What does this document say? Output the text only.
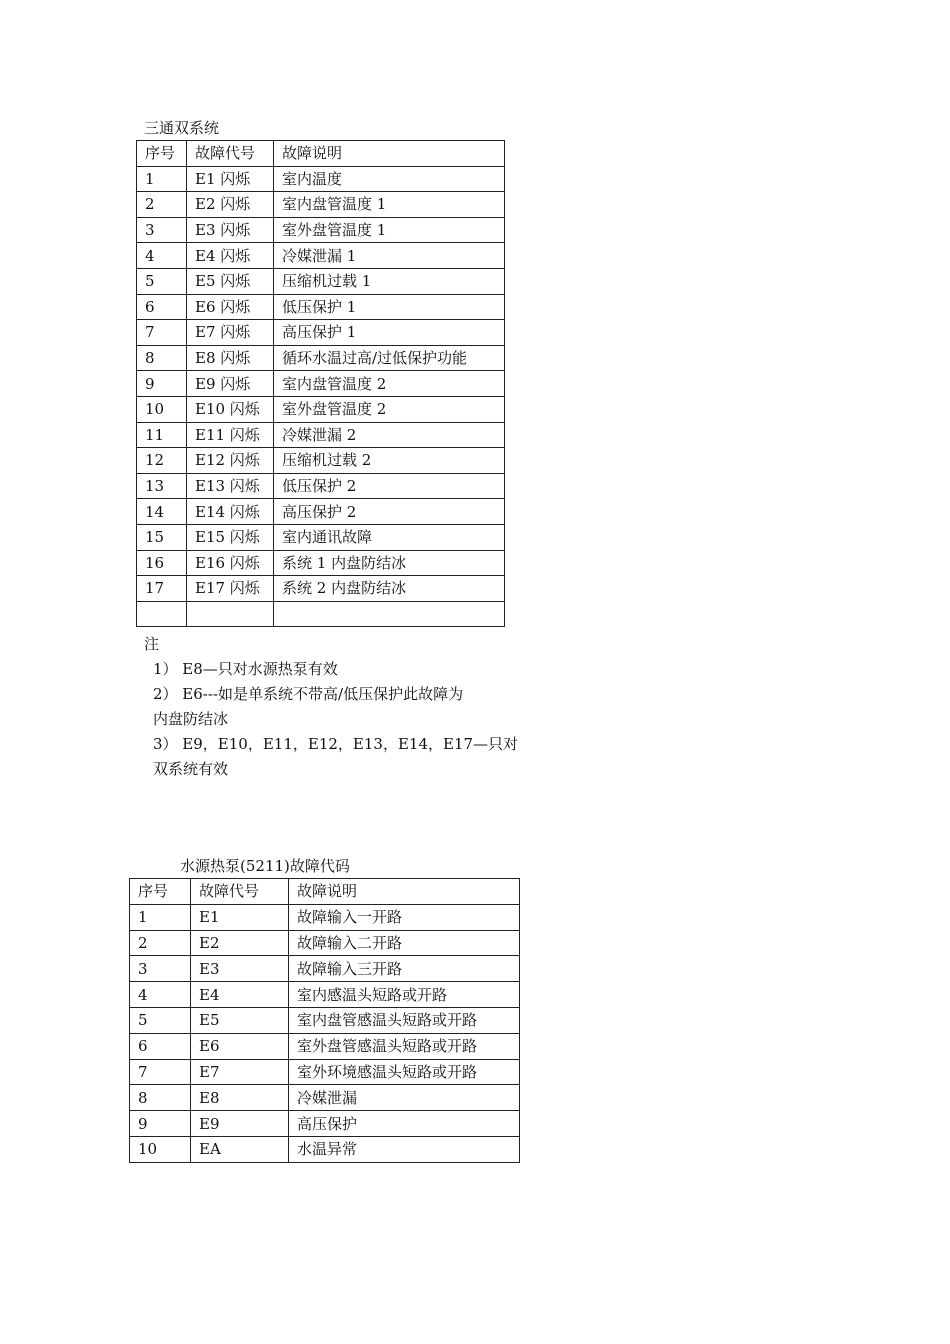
三通双系统
序号	故障代号	故障说明
1	E1 闪烁	室内温度
2	E2 闪烁	室内盘管温度 1
3	E3 闪烁	室外盘管温度 1
4	E4 闪烁	冷媒泄漏 1
5	E5 闪烁	压缩机过载 1
6	E6 闪烁	低压保护 1
7	E7 闪烁	高压保护 1
8	E8 闪烁	循环水温过高/过低保护功能
9	E9 闪烁	室内盘管温度 2
10	E10 闪烁	室外盘管温度 2
11	E11 闪烁	冷媒泄漏 2
12	E12 闪烁	压缩机过载 2
13	E13 闪烁	低压保护 2
14	E14 闪烁	高压保护 2
15	E15 闪烁	室内通讯故障
16	E16 闪烁	系统 1 内盘防结冰
17	E17 闪烁	系统 2 内盘防结冰

注
1） E8—只对水源热泵有效
2） E6---如是单系统不带高/低压保护此故障为
内盘防结冰
3） E9，E10，E11，E12，E13，E14，E17—只对
双系统有效
水源热泵(5211)故障代码
序号	故障代号	故障说明
1	E1	故障输入一开路
2	E2	故障输入二开路
3	E3	故障输入三开路
4	E4	室内感温头短路或开路
5	E5	室内盘管感温头短路或开路
6	E6	室外盘管感温头短路或开路
7	E7	室外环境感温头短路或开路
8	E8	冷媒泄漏
9	E9	高压保护
10	EA	水温异常
